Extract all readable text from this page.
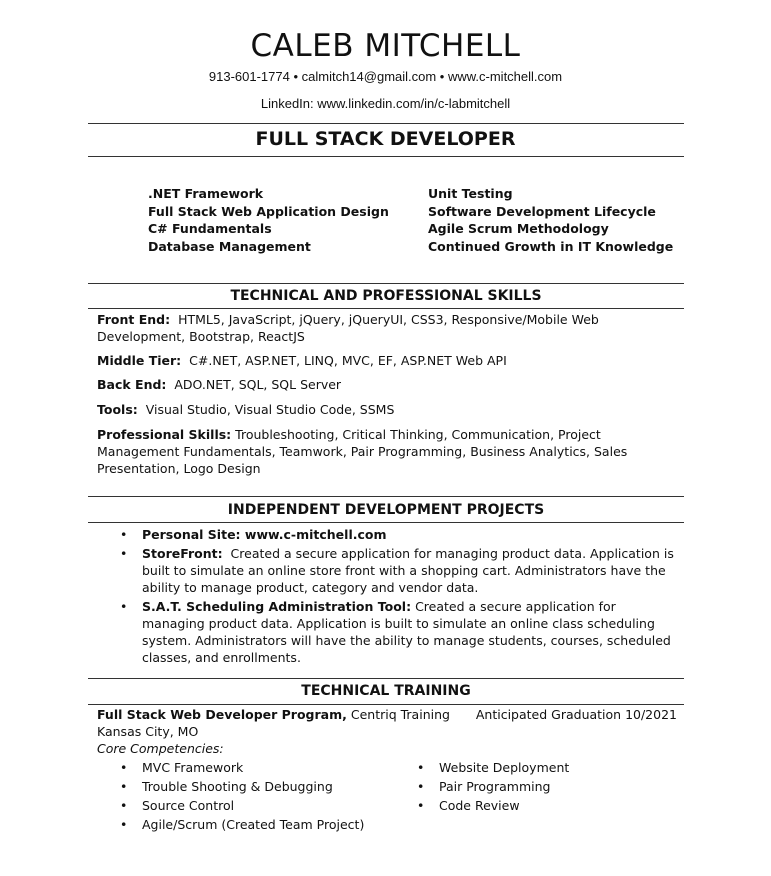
CALEB MITCHELL
913-601-1774 • calmitch14@gmail.com • www.c-mitchell.com
LinkedIn: www.linkedin.com/in/c-labmitchell
FULL STACK DEVELOPER
.NET Framework
Full Stack Web Application Design
C# Fundamentals
Database Management
Unit Testing
Software Development Lifecycle
Agile Scrum Methodology
Continued Growth in IT Knowledge
TECHNICAL AND PROFESSIONAL SKILLS
Front End: HTML5, JavaScript, jQuery, jQueryUI, CSS3, Responsive/Mobile Web Development, Bootstrap, ReactJS
Middle Tier: C#.NET, ASP.NET, LINQ, MVC, EF, ASP.NET Web API
Back End: ADO.NET, SQL, SQL Server
Tools: Visual Studio, Visual Studio Code, SSMS
Professional Skills: Troubleshooting, Critical Thinking, Communication, Project Management Fundamentals, Teamwork, Pair Programming, Business Analytics, Sales Presentation, Logo Design
INDEPENDENT DEVELOPMENT PROJECTS
• Personal Site: www.c-mitchell.com
• StoreFront: Created a secure application for managing product data. Application is built to simulate an online store front with a shopping cart. Administrators have the ability to manage product, category and vendor data.
• S.A.T. Scheduling Administration Tool: Created a secure application for managing product data. Application is built to simulate an online class scheduling system. Administrators will have the ability to manage students, courses, scheduled classes, and enrollments.
TECHNICAL TRAINING
Full Stack Web Developer Program, Centriq Training Anticipated Graduation 10/2021
Kansas City, MO
Core Competencies:
• MVC Framework
• Trouble Shooting & Debugging
• Source Control
• Agile/Scrum (Created Team Project)
• Website Deployment
• Pair Programming
• Code Review
